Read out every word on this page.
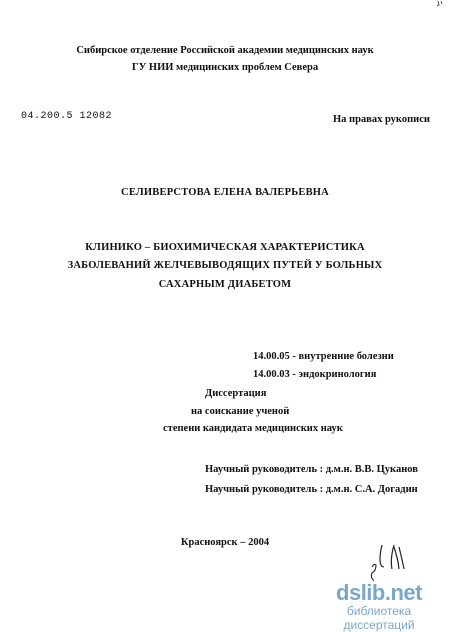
Сибирское отделение Российской академии медицинских наук
ГУ НИИ медицинских проблем Севера
04.200.5 12082	На правах рукописи
СЕЛИВЕРСТОВА ЕЛЕНА ВАЛЕРЬЕВНА
КЛИНИКО – БИОХИМИЧЕСКАЯ ХАРАКТЕРИСТИКА
ЗАБОЛЕВАНИЙ ЖЕЛЧЕВЫВОДЯЩИХ ПУТЕЙ У БОЛЬНЫХ
САХАРНЫМ ДИАБЕТОМ
14.00.05 - внутренние болезни
14.00.03 - эндокринология
Диссертация
на соискание ученой
степени кандидата медицинских наук
Научный руководитель : д.м.н. В.В. Цуканов
Научный руководитель : д.м.н. С.А. Догадин
Красноярск – 2004
dslib.net
библиотека диссертаций
